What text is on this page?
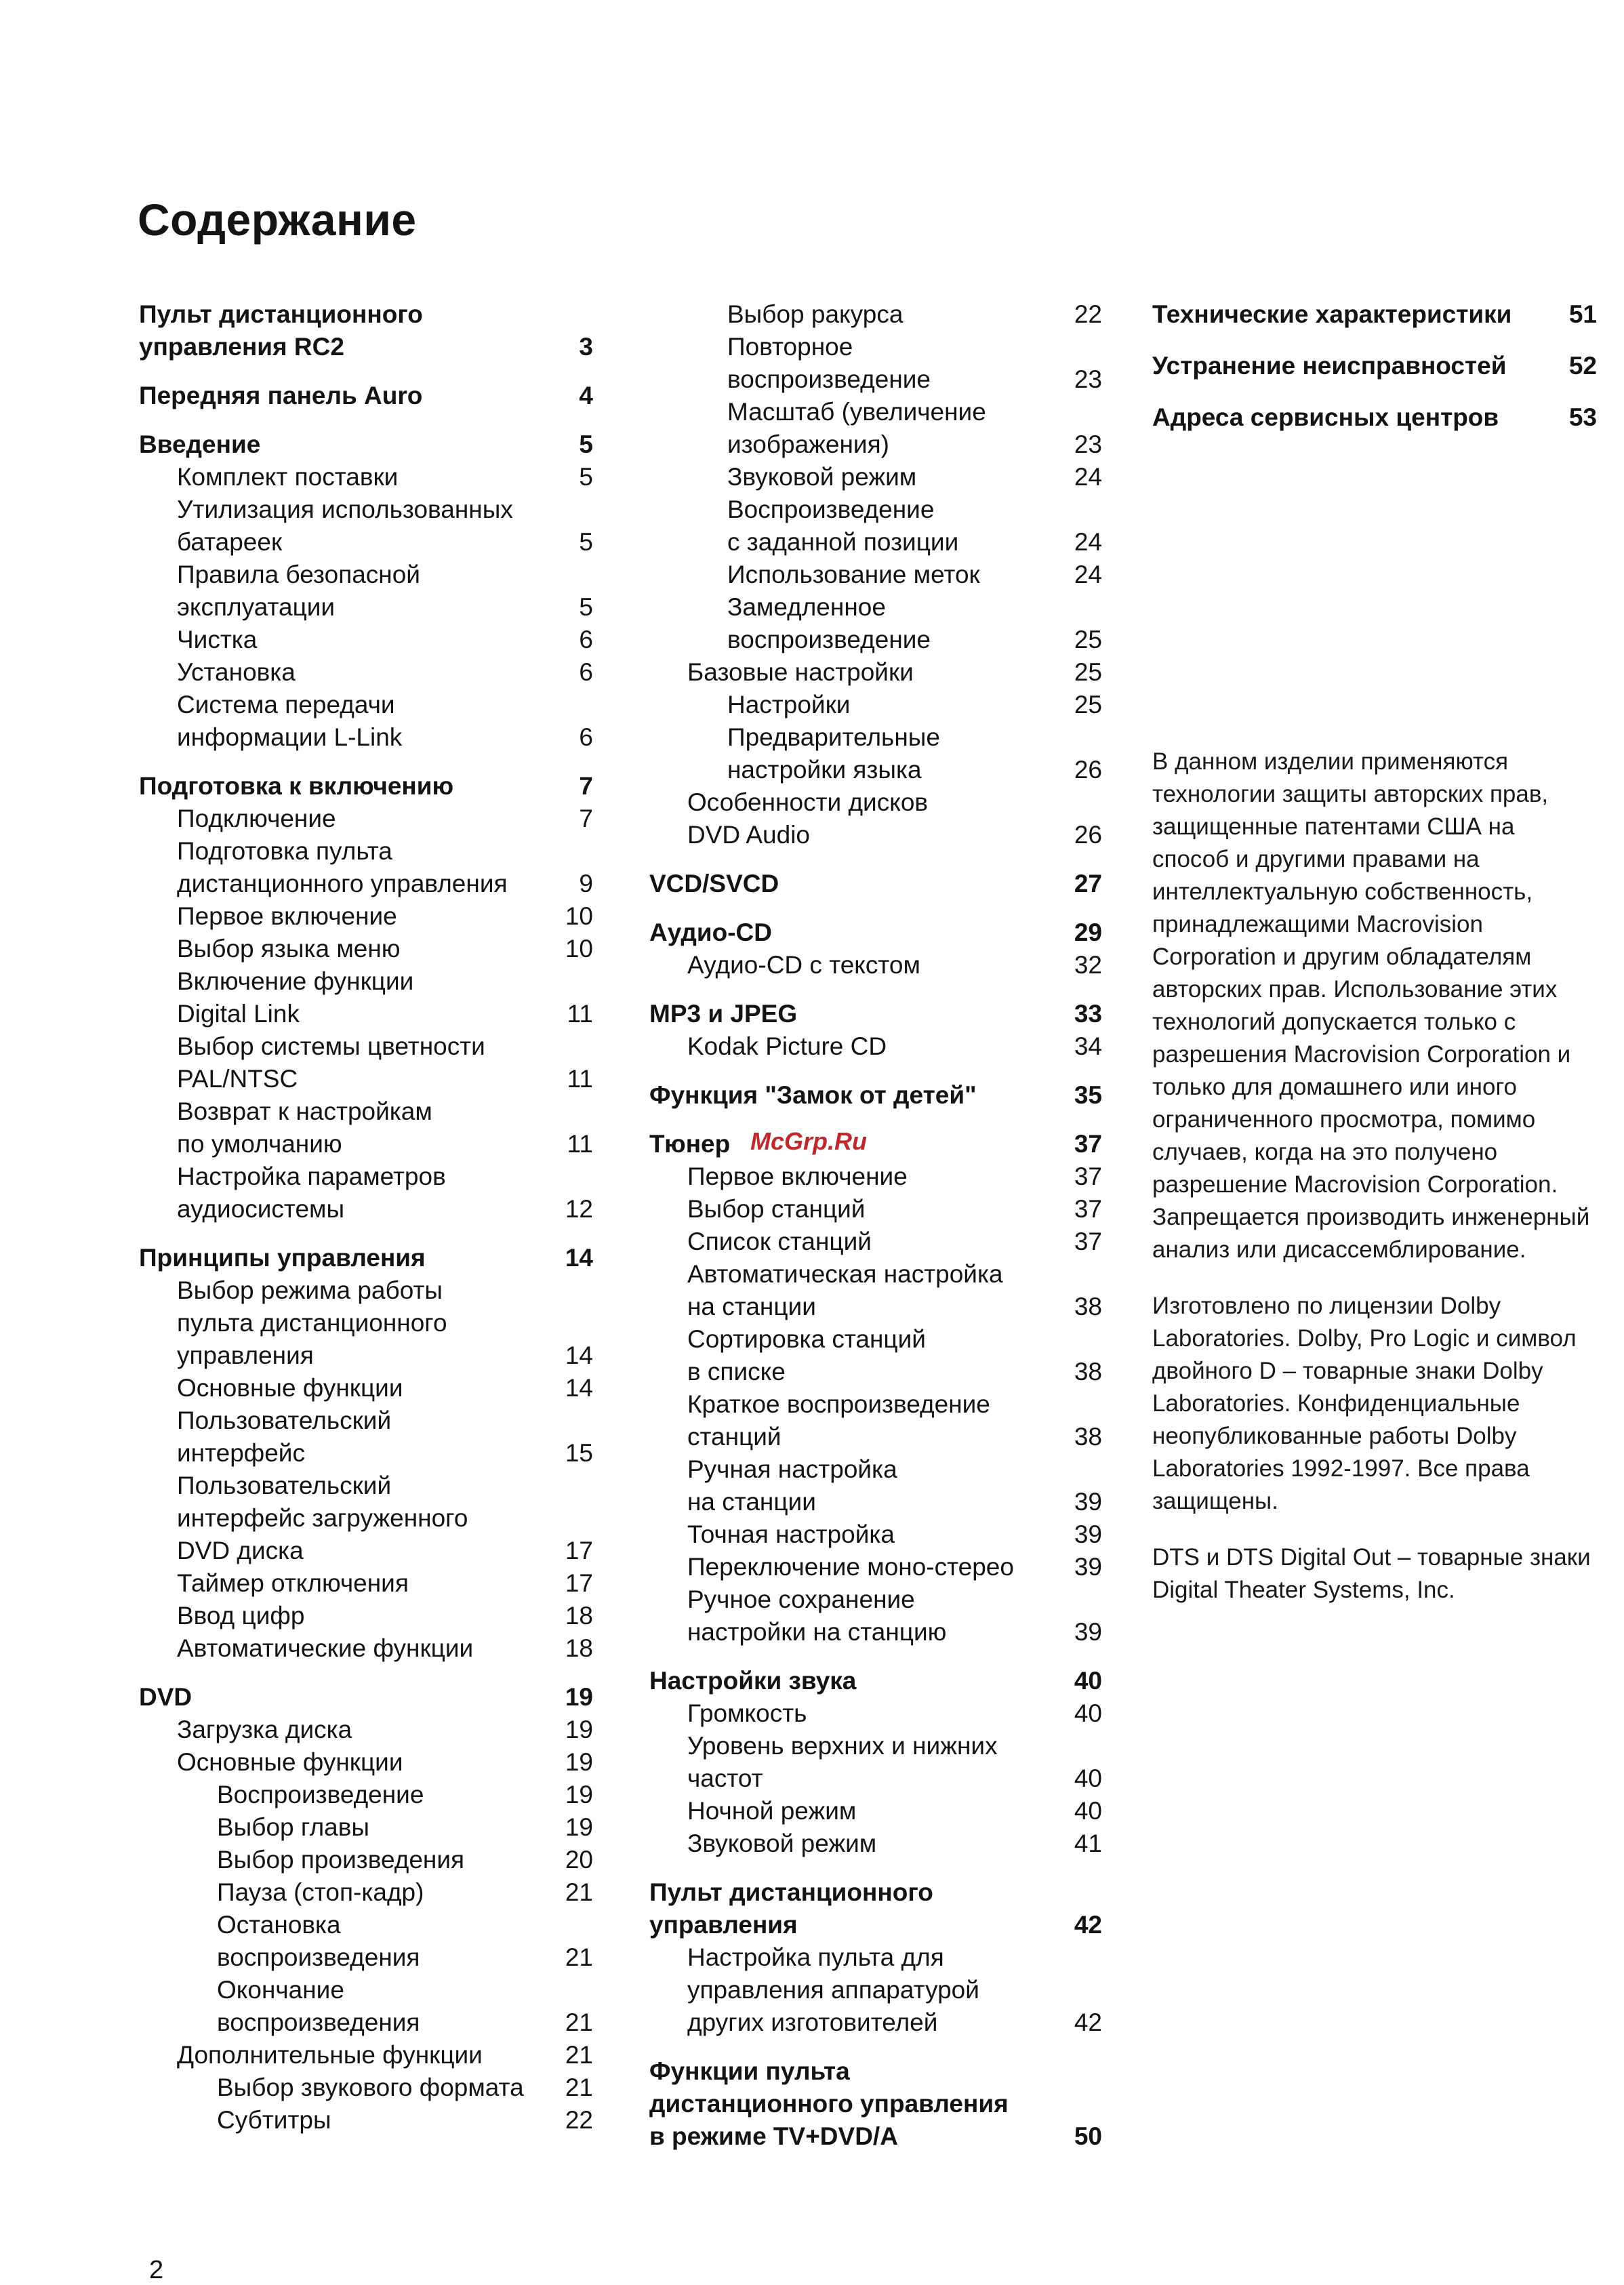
Содержание
Пульт дистанционного
управления RC2	3
Передняя панель Auro	4
Введение	5
Комплект поставки	5
Утилизация использованных
батареек	5
Правила безопасной
эксплуатации	5
Чистка	6
Установка	6
Система передачи
информации L-Link	6
Подготовка к включению	7
Подключение	7
Подготовка пульта
дистанционного управления	9
Первое включение	10
Выбор языка меню	10
Включение функции
Digital Link	11
Выбор системы цветности
PAL/NTSC	11
Возврат к настройкам
по умолчанию	11
Настройка параметров
аудиосистемы	12
Принципы управления	14
Выбор режима работы
пульта дистанционного
управления	14
Основные функции	14
Пользовательский
интерфейс	15
Пользовательский
интерфейс загруженного
DVD диска	17
Таймер отключения	17
Ввод цифр	18
Автоматические функции	18
DVD	19
Загрузка диска	19
Основные функции	19
Воспроизведение	19
Выбор главы	19
Выбор произведения	20
Пауза (стоп-кадр)	21
Остановка
воспроизведения	21
Окончание
воспроизведения	21
Дополнительные функции	21
Выбор звукового формата	21
Субтитры	22
Выбор ракурса	22
Повторное
воспроизведение	23
Масштаб (увеличение
изображения)	23
Звуковой режим	24
Воспроизведение
с заданной позиции	24
Использование меток	24
Замедленное
воспроизведение	25
Базовые настройки	25
Настройки	25
Предварительные
настройки языка	26
Особенности дисков
DVD Audio	26
VCD/SVCD	27
Аудио-CD	29
Аудио-CD с текстом	32
MP3 и JPEG	33
Kodak Picture CD	34
Функция "Замок от детей"	35
Тюнер	37
Первое включение	37
Выбор станций	37
Список станций	37
Автоматическая настройка
на станции	38
Сортировка станций
в списке	38
Краткое воспроизведение
станций	38
Ручная настройка
на станции	39
Точная настройка	39
Переключение моно-стерео	39
Ручное сохранение
настройки на станцию	39
Настройки звука	40
Громкость	40
Уровень верхних и нижних
частот	40
Ночной режим	40
Звуковой режим	41
Пульт дистанционного
управления	42
Настройка пульта для
управления аппаратурой
других изготовителей	42
Функции пульта
дистанционного управления
в режиме TV+DVD/A	50
Технические характеристики	51
Устранение неисправностей	52
Адреса сервисных центров	53

В данном изделии применяются технологии защиты авторских прав, защищенные патентами США на способ и другими правами на интеллектуальную собственность, принадлежащими Macrovision Corporation и другим обладателям авторских прав. Использование этих технологий допускается только с разрешения Macrovision Corporation и только для домашнего или иного ограниченного просмотра, помимо случаев, когда на это получено разрешение Macrovision Corporation. Запрещается производить инженерный анализ или дисассемблирование.

Изготовлено по лицензии Dolby Laboratories. Dolby, Pro Logic и символ двойного D – товарные знаки Dolby Laboratories. Конфиденциальные неопубликованные работы Dolby Laboratories 1992-1997. Все права защищены.

DTS и DTS Digital Out – товарные знаки Digital Theater Systems, Inc.

McGrp.Ru
2
